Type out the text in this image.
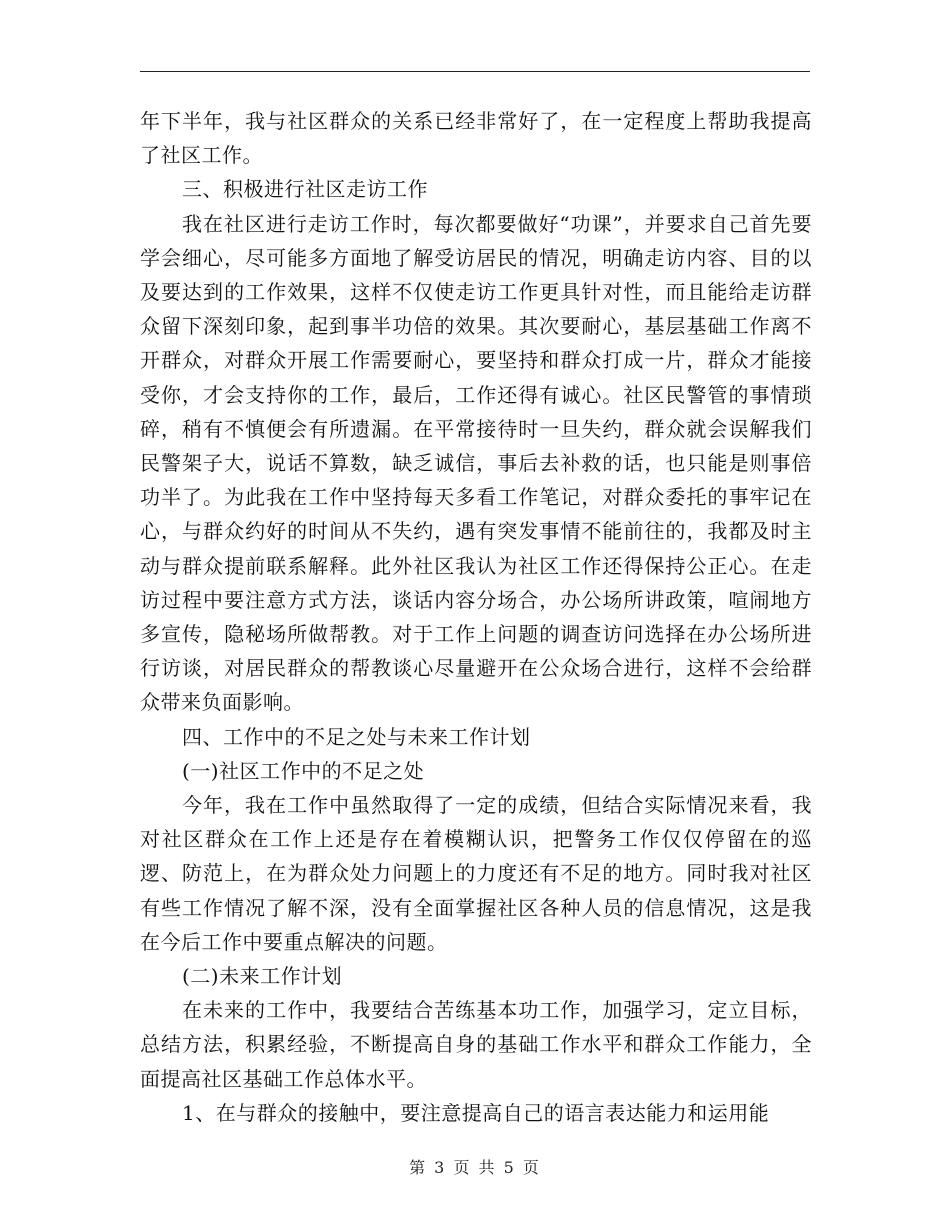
年下半年，我与社区群众的关系已经非常好了，在一定程度上帮助我提高了社区工作。

三、积极进行社区走访工作

我在社区进行走访工作时，每次都要做好“功课”，并要求自己首先要学会细心，尽可能多方面地了解受访居民的情况，明确走访内容、目的以及要达到的工作效果，这样不仅使走访工作更具针对性，而且能给走访群众留下深刻印象，起到事半功倍的效果。其次要耐心，基层基础工作离不开群众，对群众开展工作需要耐心，要坚持和群众打成一片，群众才能接受你，才会支持你的工作，最后，工作还得有诚心。社区民警管的事情琐碎，稍有不慎便会有所遗漏。在平常接待时一旦失约，群众就会误解我们民警架子大，说话不算数，缺乏诚信，事后去补救的话，也只能是则事倍功半了。为此我在工作中坚持每天多看工作笔记，对群众委托的事牢记在心，与群众约好的时间从不失约，遇有突发事情不能前往的，我都及时主动与群众提前联系解释。此外社区我认为社区工作还得保持公正心。在走访过程中要注意方式方法，谈话内容分场合，办公场所讲政策，喧闹地方多宣传，隐秘场所做帮教。对于工作上问题的调查访问选择在办公场所进行访谈，对居民群众的帮教谈心尽量避开在公众场合进行，这样不会给群众带来负面影响。

四、工作中的不足之处与未来工作计划

(一)社区工作中的不足之处

今年，我在工作中虽然取得了一定的成绩，但结合实际情况来看，我对社区群众在工作上还是存在着模糊认识，把警务工作仅仅停留在的巡逻、防范上，在为群众处力问题上的力度还有不足的地方。同时我对社区有些工作情况了解不深，没有全面掌握社区各种人员的信息情况，这是我在今后工作中要重点解决的问题。

(二)未来工作计划

在未来的工作中，我要结合苦练基本功工作，加强学习，定立目标，总结方法，积累经验，不断提高自身的基础工作水平和群众工作能力，全面提高社区基础工作总体水平。

1、在与群众的接触中，要注意提高自己的语言表达能力和运用能

第 3 页 共 5 页
